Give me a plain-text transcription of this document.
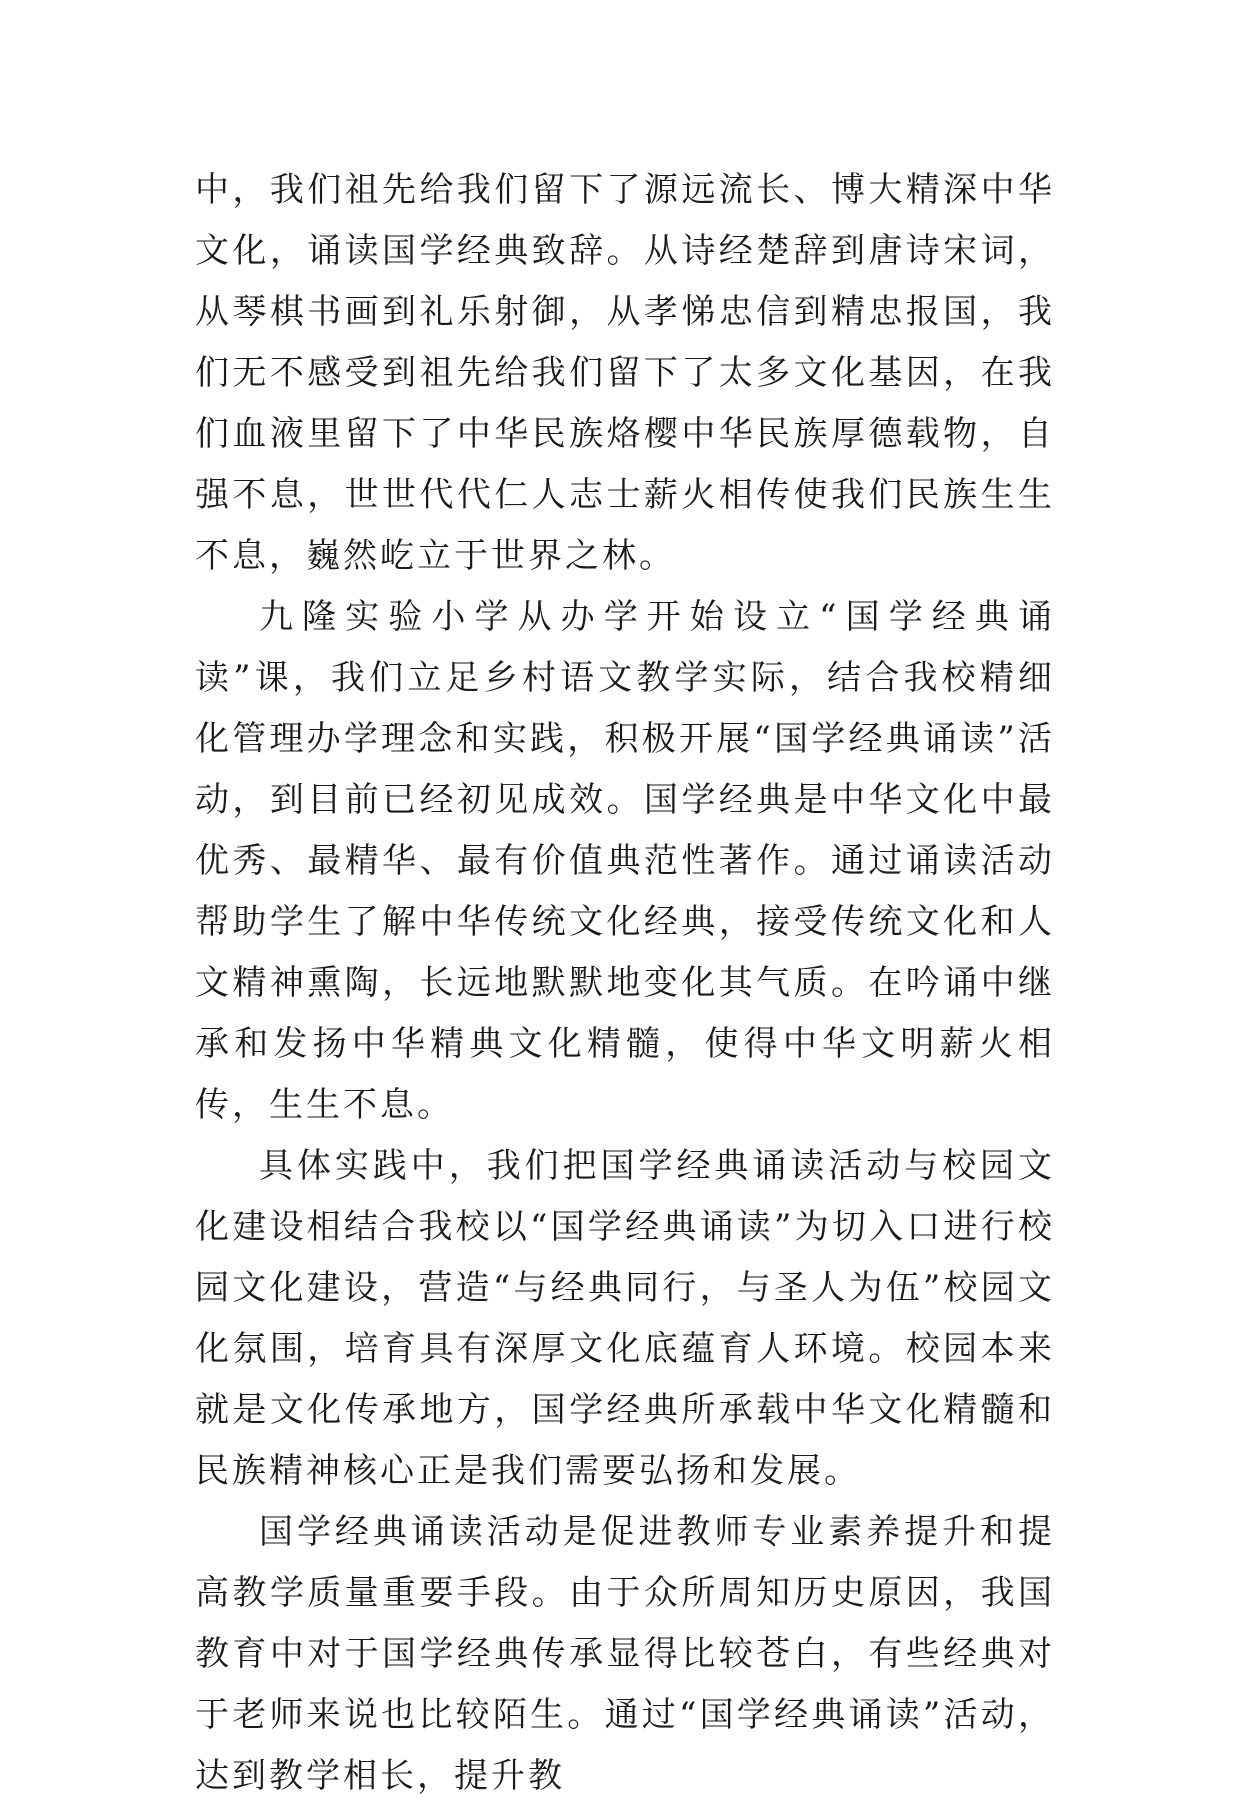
中，我们祖先给我们留下了源远流长、博大精深中华文化，诵读国学经典致辞。从诗经楚辞到唐诗宋词，从琴棋书画到礼乐射御，从孝悌忠信到精忠报国，我们无不感受到祖先给我们留下了太多文化基因，在我们血液里留下了中华民族烙樱中华民族厚德载物，自强不息，世世代代仁人志士薪火相传使我们民族生生不息，巍然屹立于世界之林。

九隆实验小学从办学开始设立“国学经典诵读”课，我们立足乡村语文教学实际，结合我校精细化管理办学理念和实践，积极开展“国学经典诵读”活动，到目前已经初见成效。国学经典是中华文化中最优秀、最精华、最有价值典范性著作。通过诵读活动帮助学生了解中华传统文化经典，接受传统文化和人文精神熏陶，长远地默默地变化其气质。在吟诵中继承和发扬中华精典文化精髓，使得中华文明薪火相传，生生不息。

具体实践中，我们把国学经典诵读活动与校园文化建设相结合我校以“国学经典诵读”为切入口进行校园文化建设，营造“与经典同行，与圣人为伍”校园文化氛围，培育具有深厚文化底蕴育人环境。校园本来就是文化传承地方，国学经典所承载中华文化精髓和民族精神核心正是我们需要弘扬和发展。

国学经典诵读活动是促进教师专业素养提升和提高教学质量重要手段。由于众所周知历史原因，我国教育中对于国学经典传承显得比较苍白，有些经典对于老师来说也比较陌生。通过“国学经典诵读”活动，达到教学相长，提升教
